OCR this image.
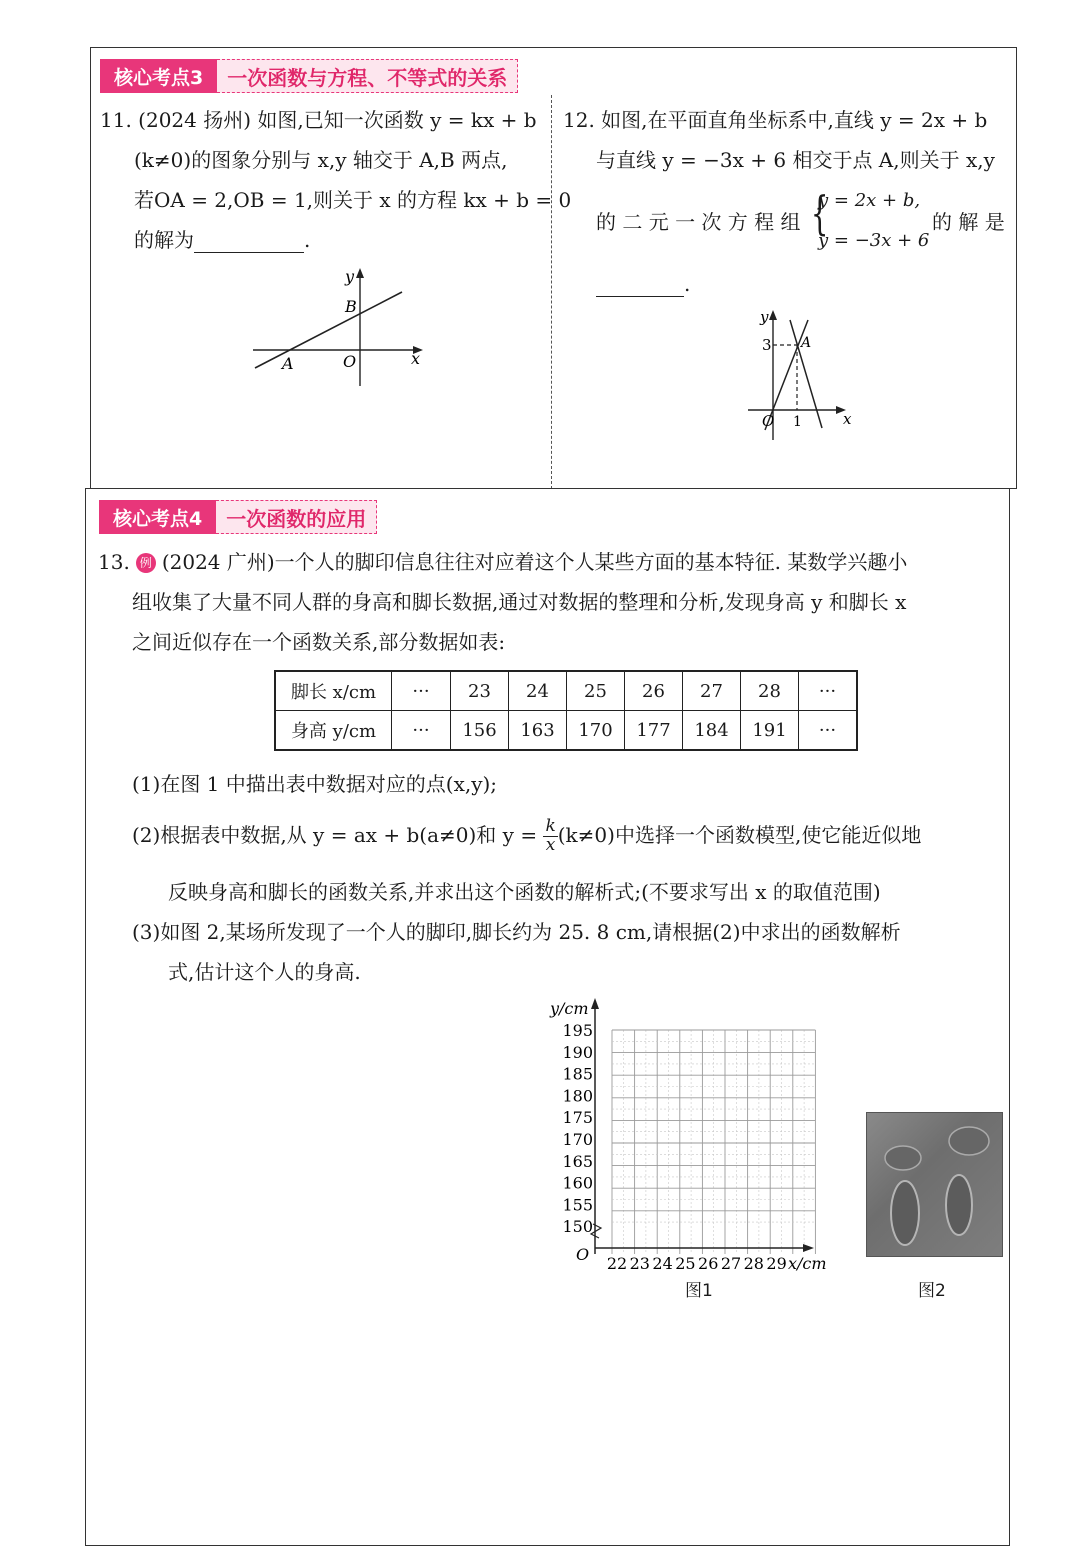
核心考点3	一次函数与方程、不等式的关系
11. (2024 扬州) 如图,已知一次函数 y = kx + b
(k≠0)的图象分别与 x,y 轴交于 A,B 两点,
若OA = 2,OB = 1,则关于 x 的方程 kx + b = 0
的解为	.
y
B
A	O	x
12. 如图,在平面直角坐标系中,直线 y = 2x + b
与直线 y = −3x + 6 相交于点 A,则关于 x,y
的 二 元 一 次 方 程 组 {
y = 2x + b,
y = −3x + 6
的 解 是
.
y
3 A
O 1	x
核心考点4	一次函数的应用
13. 例 (2024 广州)一个人的脚印信息往往对应着这个人某些方面的基本特征. 某数学兴趣小
组收集了大量不同人群的身高和脚长数据,通过对数据的整理和分析,发现身高 y 和脚长 x
之间近似存在一个函数关系,部分数据如表:
脚长 x/cm	···	23	24	25	26	27	28	···
身高 y/cm	···	156	163	170	177	184	191	···
(1)在图 1 中描出表中数据对应的点(x,y);
(2)根据表中数据,从 y = ax + b(a≠0)和 $y = \frac{k}{x} (k\ne 0)$中选择一个函数模型,使它能近似地
反映身高和脚长的函数关系,并求出这个函数的解析式;(不要求写出 x 的取值范围)
(3)如图 2,某场所发现了一个人的脚印,脚长约为 25. 8 cm,请根据(2)中求出的函数解析
式,估计这个人的身高.
195
190
185
180
175
170
165
160
155
150
22 23 24 25 26 27 28 29
y/cm
x/cm
O
图1	图2
